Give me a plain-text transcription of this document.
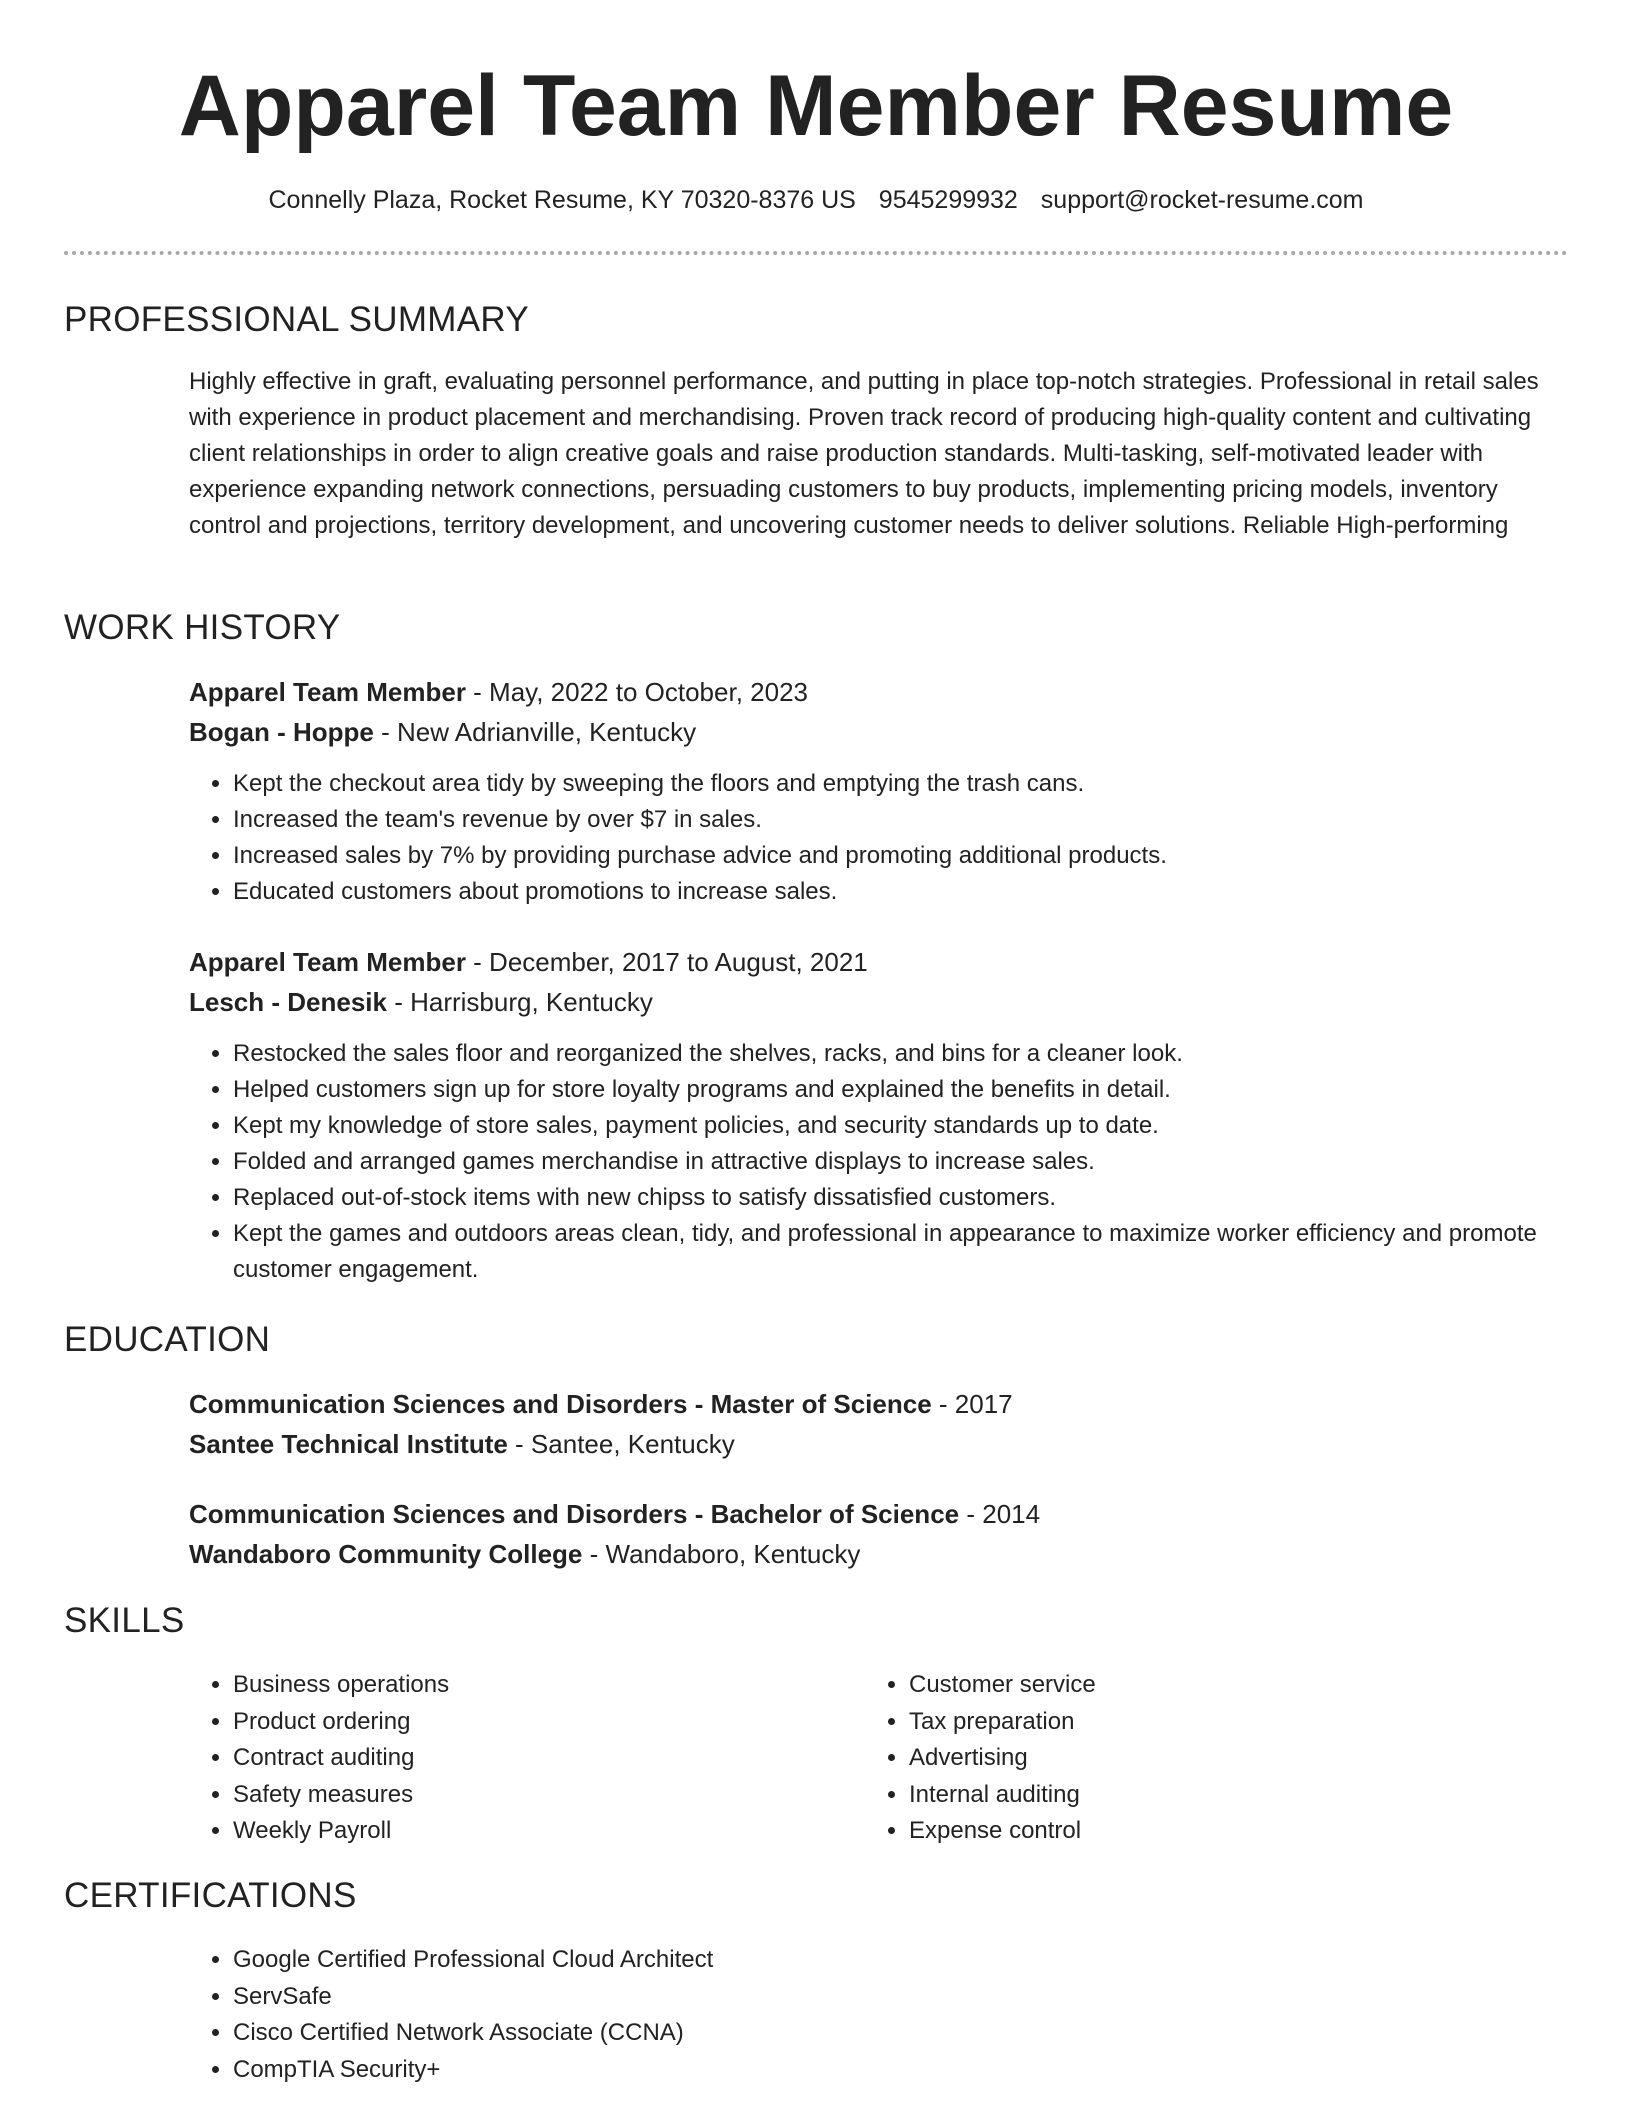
Apparel Team Member Resume
Connelly Plaza, Rocket Resume, KY 70320-8376 US 9545299932 support@rocket-resume.com
PROFESSIONAL SUMMARY

Highly effective in graft, evaluating personnel performance, and putting in place top-notch strategies. Professional in retail sales with experience in product placement and merchandising. Proven track record of producing high-quality content and cultivating client relationships in order to align creative goals and raise production standards. Multi-tasking, self-motivated leader with experience expanding network connections, persuading customers to buy products, implementing pricing models, inventory control and projections, territory development, and uncovering customer needs to deliver solutions. Reliable High-performing

WORK HISTORY
Apparel Team Member - May, 2022 to October, 2023
Bogan - Hoppe - New Adrianville, Kentucky
• Kept the checkout area tidy by sweeping the floors and emptying the trash cans.
• Increased the team's revenue by over $7 in sales.
• Increased sales by 7% by providing purchase advice and promoting additional products.
• Educated customers about promotions to increase sales.
Apparel Team Member - December, 2017 to August, 2021
Lesch - Denesik - Harrisburg, Kentucky
• Restocked the sales floor and reorganized the shelves, racks, and bins for a cleaner look.
• Helped customers sign up for store loyalty programs and explained the benefits in detail.
• Kept my knowledge of store sales, payment policies, and security standards up to date.
• Folded and arranged games merchandise in attractive displays to increase sales.
• Replaced out-of-stock items with new chipss to satisfy dissatisfied customers.
• Kept the games and outdoors areas clean, tidy, and professional in appearance to maximize worker efficiency and promote customer engagement.
EDUCATION
Communication Sciences and Disorders - Master of Science - 2017
Santee Technical Institute - Santee, Kentucky
Communication Sciences and Disorders - Bachelor of Science - 2014
Wandaboro Community College - Wandaboro, Kentucky
SKILLS
• Business operations
• Product ordering
• Contract auditing
• Safety measures
• Weekly Payroll
• Customer service
• Tax preparation
• Advertising
• Internal auditing
• Expense control
CERTIFICATIONS
• Google Certified Professional Cloud Architect
• ServSafe
• Cisco Certified Network Associate (CCNA)
• CompTIA Security+
